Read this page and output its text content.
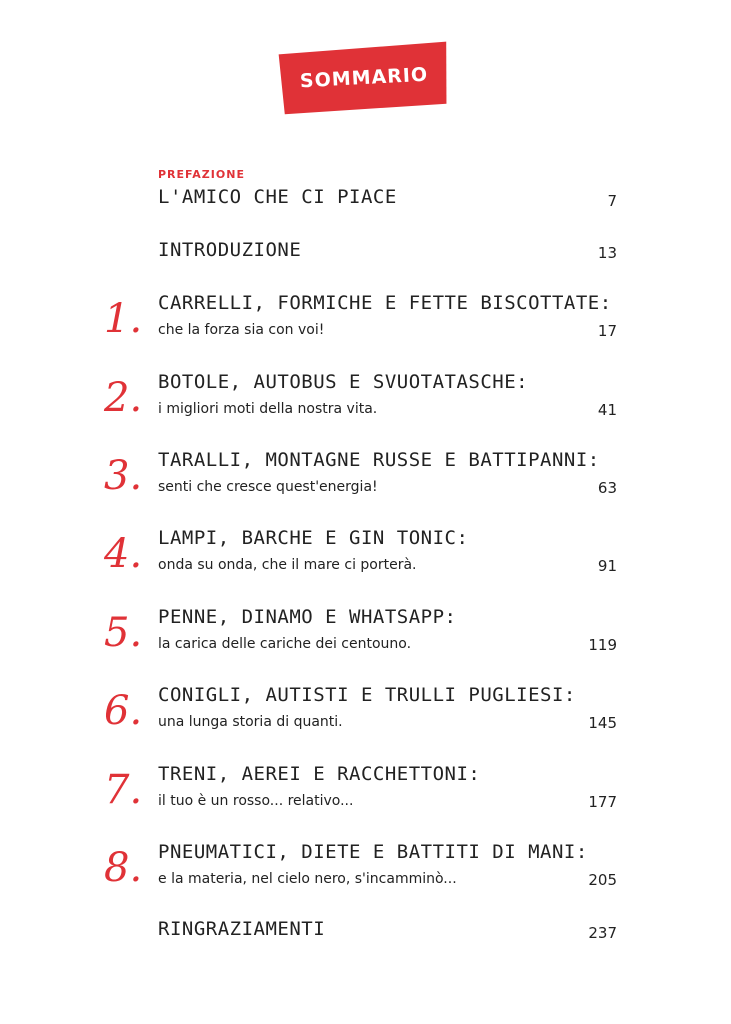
SOMMARIO
PREFAZIONE
L'AMICO CHE CI PIACE	7
INTRODUZIONE	13
1. CARRELLI, FORMICHE E FETTE BISCOTTATE:
che la forza sia con voi!	17
2. BOTOLE, AUTOBUS E SVUOTATASCHE:
i migliori moti della nostra vita.	41
3. TARALLI, MONTAGNE RUSSE E BATTIPANNI:
senti che cresce quest'energia!	63
4. LAMPI, BARCHE E GIN TONIC:
onda su onda, che il mare ci porterà.	91
5. PENNE, DINAMO E WHATSAPP:
la carica delle cariche dei centouno.	119
6. CONIGLI, AUTISTI E TRULLI PUGLIESI:
una lunga storia di quanti.	145
7. TRENI, AEREI E RACCHETTONI:
il tuo è un rosso... relativo...	177
8. PNEUMATICI, DIETE E BATTITI DI MANI:
e la materia, nel cielo nero, s'incamminò...	205
RINGRAZIAMENTI	237
